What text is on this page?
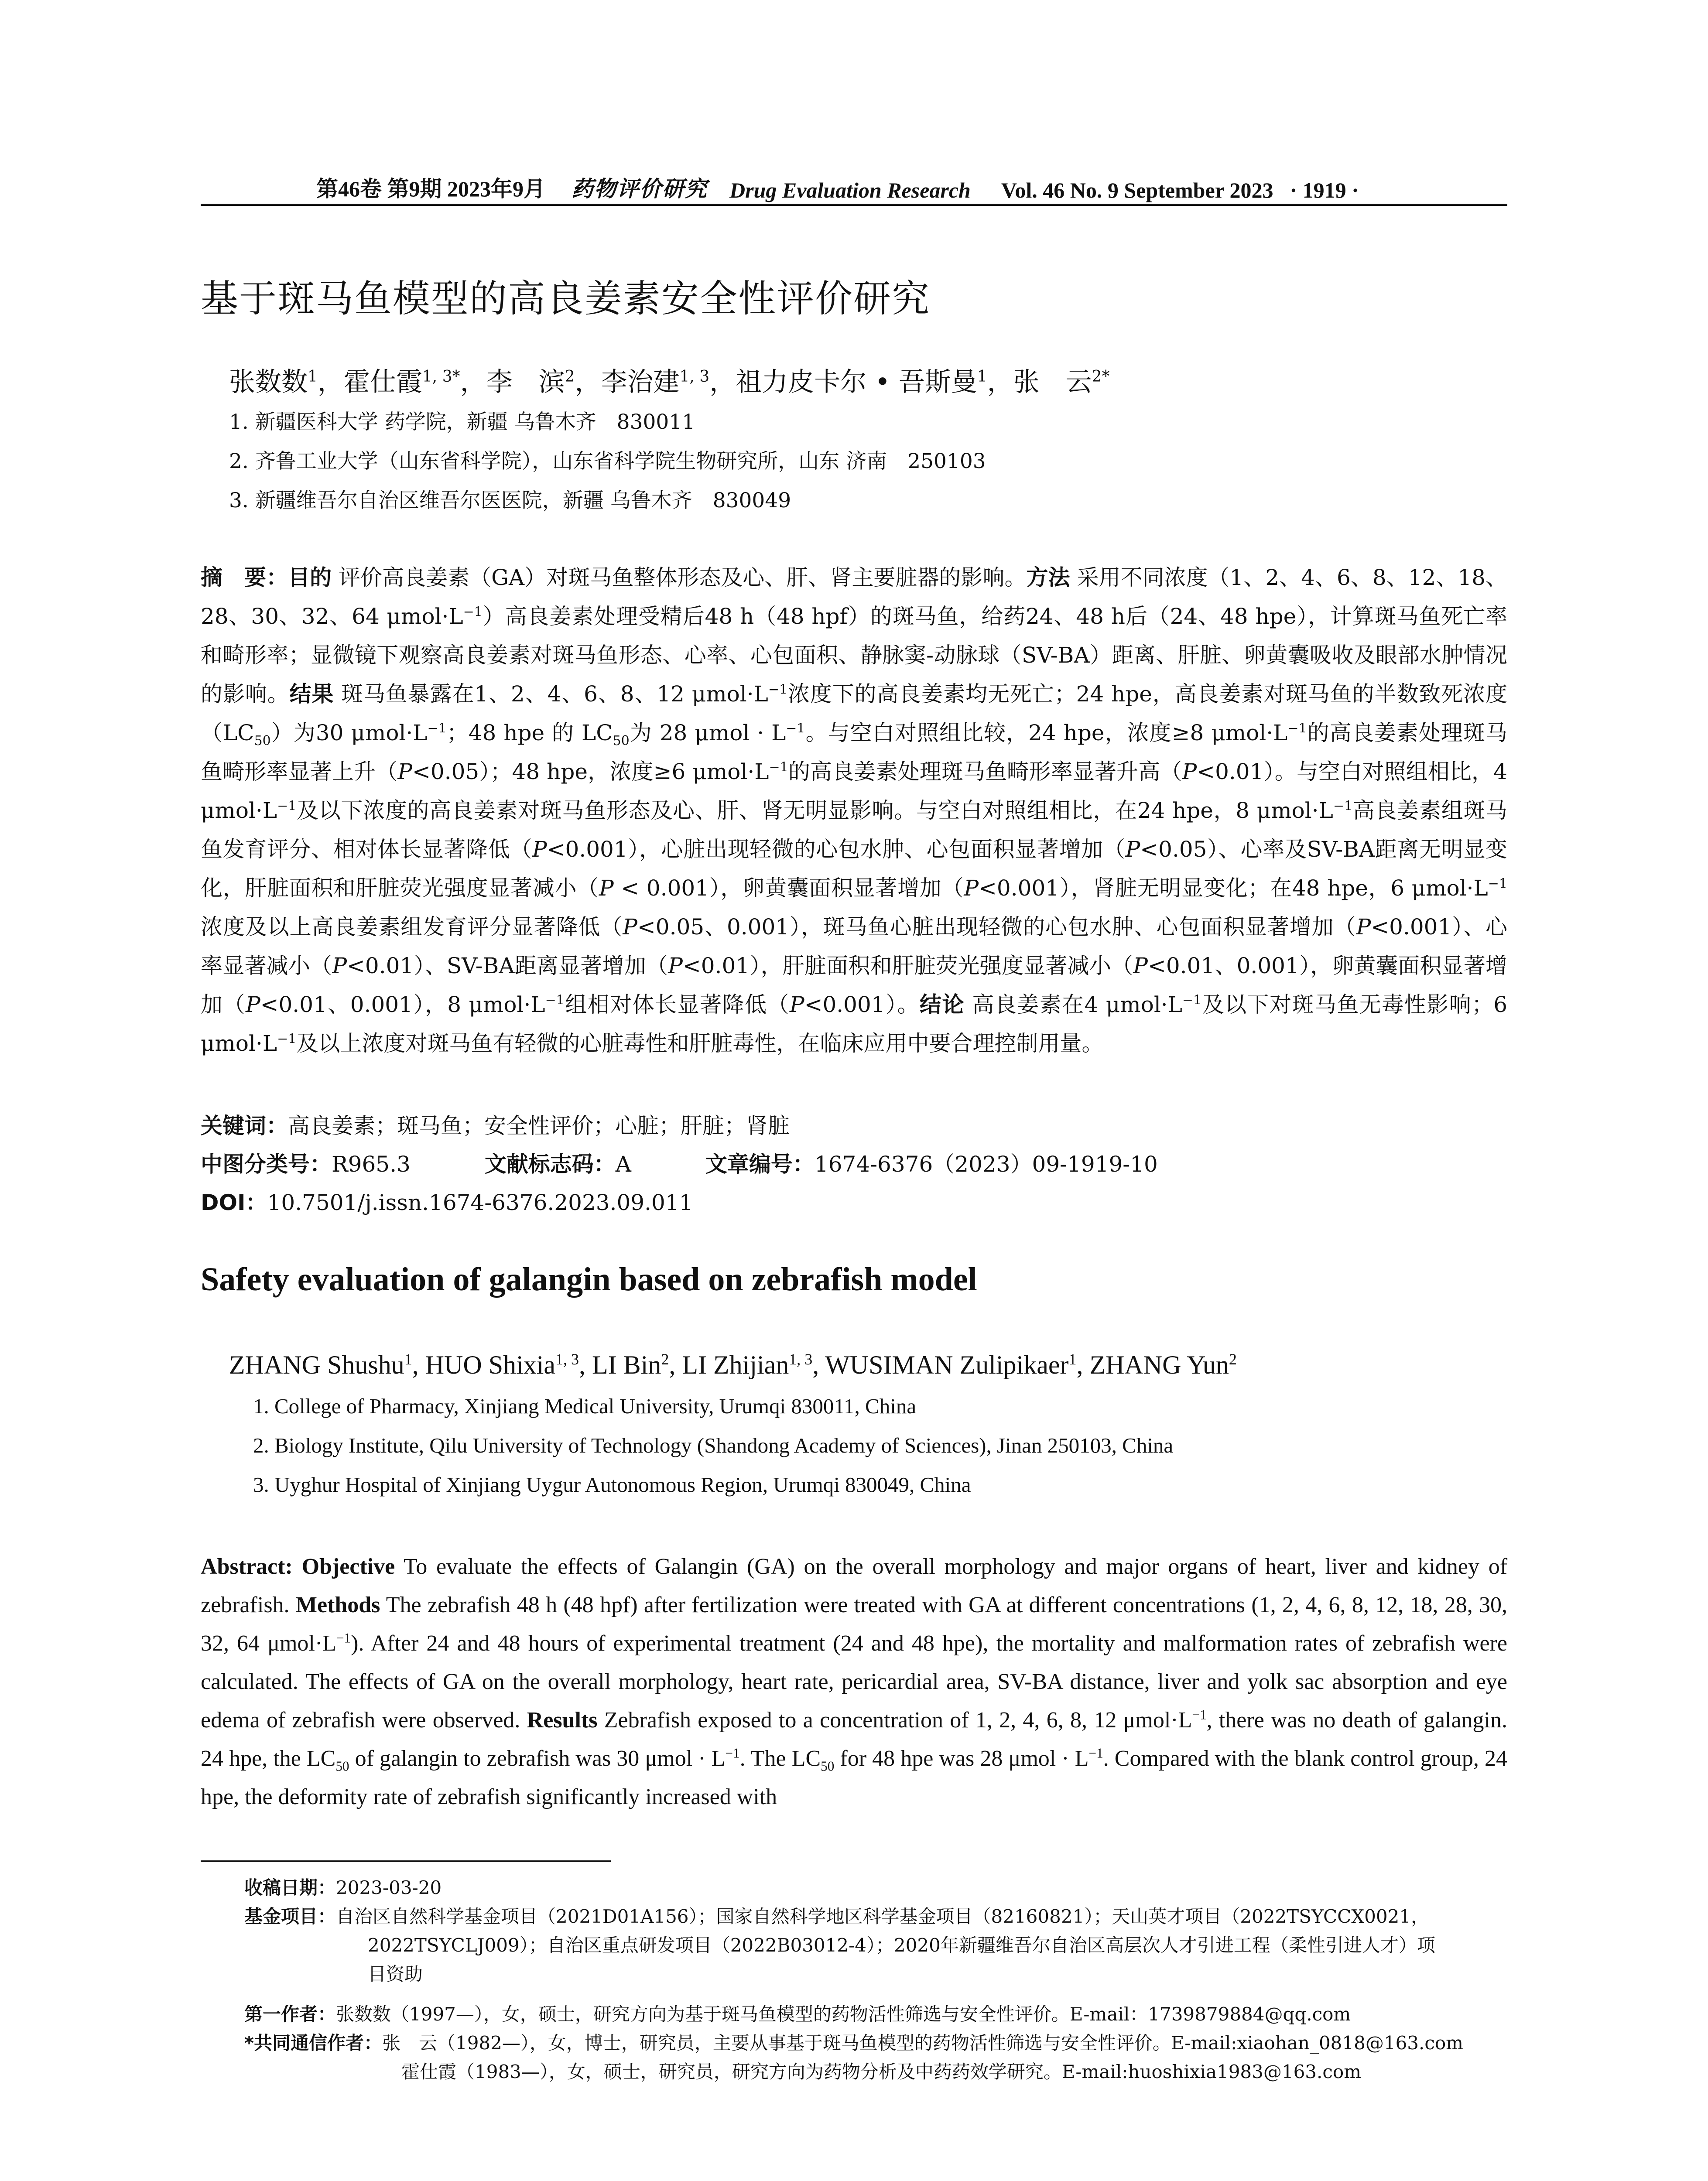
第46卷 第9期 2023年9月 药物评价研究 Drug Evaluation Research Vol. 46 No. 9 September 2023 · 1919 ·
基于斑马鱼模型的高良姜素安全性评价研究
张数数$^1$，霍仕霞$^{1, 3*}$，李　滨$^2$，李治建$^{1, 3}$，祖力皮卡尔 • 吾斯曼$^1$，张　云$^{2*}$
1. 新疆医科大学 药学院，新疆 乌鲁木齐　830011
2. 齐鲁工业大学（山东省科学院），山东省科学院生物研究所，山东 济南　250103
3. 新疆维吾尔自治区维吾尔医医院，新疆 乌鲁木齐　830049
摘　要：目的 评价高良姜素（GA）对斑马鱼整体形态及心、肝、肾主要脏器的影响。方法 采用不同浓度（1、2、4、6、8、12、18、28、30、32、64 $\mu mol\cdot L^{-1}$）高良姜素处理受精后48 h（48 hpf）的斑马鱼，给药24、48 h后（24、48 hpe），计算斑马鱼死亡率和畸形率；显微镜下观察高良姜素对斑马鱼形态、心率、心包面积、静脉窦-动脉球（SV-BA）距离、肝脏、卵黄囊吸收及眼部水肿情况的影响。结果 斑马鱼暴露在1、2、4、6、8、12 $\mu mol\cdot L^{-1}$浓度下的高良姜素均无死亡；24 hpe，高良姜素对斑马鱼的半数致死浓度$(LC_{50})$为30 $\mu mol\cdot L^{-1}$；48 hpe 的 $LC_{50}$为 28 $\mu mol \cdot L^{-1}$。与空白对照组比较，24 hpe，浓度≥8 $\mu mol\cdot L^{-1}$的高良姜素处理斑马鱼畸形率显著上升（P<0.05）；48 hpe，浓度≥6 $\mu mol\cdot L^{-1}$的高良姜素处理斑马鱼畸形率显著升高（P<0.01）。与空白对照组相比，4 $\mu mol\cdot L^{-1}$及以下浓度的高良姜素对斑马鱼形态及心、肝、肾无明显影响。与空白对照组相比，在24 hpe，8 $\mu mol\cdot L^{-1}$高良姜素组斑马鱼发育评分、相对体长显著降低（P<0.001），心脏出现轻微的心包水肿、心包面积显著增加（P<0.05）、心率及SV-BA距离无明显变化，肝脏面积和肝脏荧光强度显著减小（P < 0.001），卵黄囊面积显著增加（P<0.001），肾脏无明显变化；在48 hpe，6 $\mu mol\cdot L^{-1}$浓度及以上高良姜素组发育评分显著降低（P<0.05、0.001），斑马鱼心脏出现轻微的心包水肿、心包面积显著增加（P<0.001）、心率显著减小（P<0.01）、SV-BA距离显著增加（P<0.01），肝脏面积和肝脏荧光强度显著减小（P<0.01、0.001），卵黄囊面积显著增加（P<0.01、0.001），8 $\mu mol\cdot L^{-1}$组相对体长显著降低（P<0.001）。结论 高良姜素在4 $\mu mol\cdot L^{-1}$及以下对斑马鱼无毒性影响；6 $\mu mol\cdot L^{-1}$及以上浓度对斑马鱼有轻微的心脏毒性和肝脏毒性，在临床应用中要合理控制用量。
关键词：高良姜素；斑马鱼；安全性评价；心脏；肝脏；肾脏
中图分类号：R965.3	文献标志码：A	文章编号：1674-6376（2023）09-1919-10
DOI：10.7501/j.issn.1674-6376.2023.09.011
Safety evaluation of galangin based on zebrafish model
ZHANG Shushu$^1$, HUO Shixia$^{1, 3}$, LI Bin$^2$, LI Zhijian$^{1, 3}$, WUSIMAN Zulipikaer$^1$, ZHANG Yun$^2$
1. College of Pharmacy, Xinjiang Medical University, Urumqi 830011, China
2. Biology Institute, Qilu University of Technology (Shandong Academy of Sciences), Jinan 250103, China
3. Uyghur Hospital of Xinjiang Uygur Autonomous Region, Urumqi 830049, China
Abstract: Objective To evaluate the effects of Galangin (GA) on the overall morphology and major organs of heart, liver and kidney of zebrafish. Methods The zebrafish 48 h (48 hpf) after fertilization were treated with GA at different concentrations (1, 2, 4, 6, 8, 12, 18, 28, 30, 32, 64 $\mu mol\cdot L^{-1}$). After 24 and 48 hours of experimental treatment (24 and 48 hpe), the mortality and malformation rates of zebrafish were calculated. The effects of GA on the overall morphology, heart rate, pericardial area, SV-BA distance, liver and yolk sac absorption and eye edema of zebrafish were observed. Results Zebrafish exposed to a concentration of 1, 2, 4, 6, 8, 12 $\mu mol\cdot L^{-1}$, there was no death of galangin. 24 hpe, the $LC_{50}$ of galangin to zebrafish was 30 $\mu mol \cdot L^{-1}$. The $LC_{50}$ for 48 hpe was 28 $\mu mol \cdot L^{-1}$. Compared with the blank control group, 24 hpe, the deformity rate of zebrafish significantly increased with
收稿日期：2023-03-20
基金项目：自治区自然科学基金项目（2021D01A156）；国家自然科学地区科学基金项目（82160821）；天山英才项目（2022TSYCCX0021，
2022TSYCLJ009）；自治区重点研发项目（2022B03012-4）；2020年新疆维吾尔自治区高层次人才引进工程（柔性引进人才）项
目资助
第一作者：张数数（1997—），女，硕士，研究方向为基于斑马鱼模型的药物活性筛选与安全性评价。E-mail：1739879884@qq.com
*共同通信作者：张　云（1982—），女，博士，研究员，主要从事基于斑马鱼模型的药物活性筛选与安全性评价。E-mail:xiaohan_0818@163.com
霍仕霞（1983—），女，硕士，研究员，研究方向为药物分析及中药药效学研究。E-mail:huoshixia1983@163.com
